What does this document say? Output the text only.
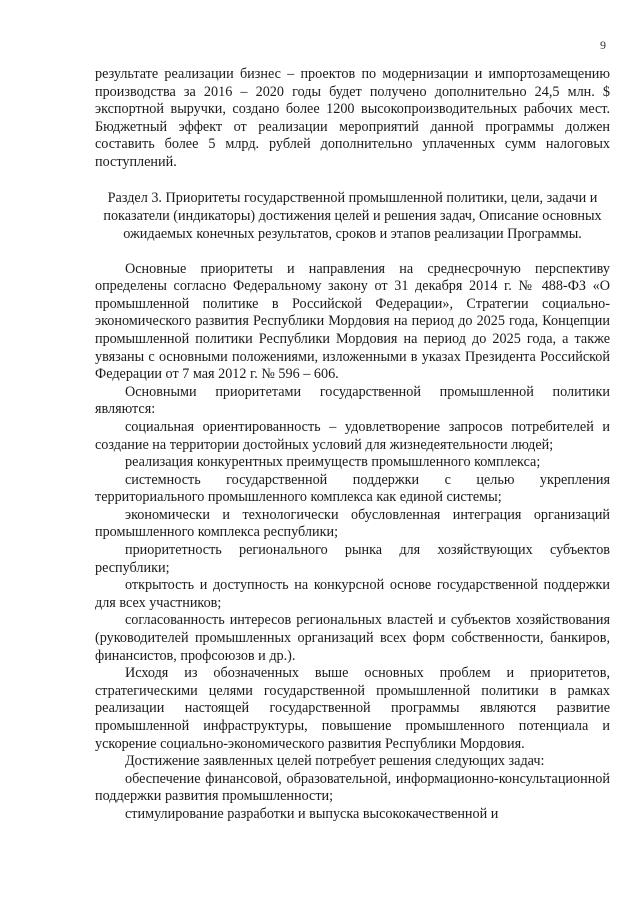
9

результате реализации бизнес – проектов по модернизации и импортозамещению производства за 2016 – 2020 годы будет получено дополнительно 24,5 млн. $ экспортной выручки, создано более 1200 высокопроизводительных рабочих мест. Бюджетный эффект от реализации мероприятий данной программы должен составить более 5 млрд. рублей дополнительно уплаченных сумм налоговых поступлений.

Раздел 3. Приоритеты государственной промышленной политики, цели, задачи и показатели (индикаторы) достижения целей и решения задач, Описание основных ожидаемых конечных результатов, сроков и этапов реализации Программы.

Основные приоритеты и направления на среднесрочную перспективу определены согласно Федеральному закону от 31 декабря 2014 г. № 488-ФЗ «О промышленной политике в Российской Федерации», Стратегии социально-экономического развития Республики Мордовия на период до 2025 года, Концепции промышленной политики Республики Мордовия на период до 2025 года, а также увязаны с основными положениями, изложенными в указах Президента Российской Федерации от 7 мая 2012 г. № 596 – 606.

Основными приоритетами государственной промышленной политики являются:

социальная ориентированность – удовлетворение запросов потребителей и создание на территории достойных условий для жизнедеятельности людей;

реализация конкурентных преимуществ промышленного комплекса;

системность государственной поддержки с целью укрепления территориального промышленного комплекса как единой системы;

экономически и технологически обусловленная интеграция организаций промышленного комплекса республики;

приоритетность регионального рынка для хозяйствующих субъектов республики;

открытость и доступность на конкурсной основе государственной поддержки для всех участников;

согласованность интересов региональных властей и субъектов хозяйствования (руководителей промышленных организаций всех форм собственности, банкиров, финансистов, профсоюзов и др.).

Исходя из обозначенных выше основных проблем и приоритетов, стратегическими целями государственной промышленной политики в рамках реализации настоящей государственной программы являются развитие промышленной инфраструктуры, повышение промышленного потенциала и ускорение социально-экономического развития Республики Мордовия.

Достижение заявленных целей потребует решения следующих задач:

обеспечение финансовой, образовательной, информационно-консультационной поддержки развития промышленности;

стимулирование разработки и выпуска высококачественной и
